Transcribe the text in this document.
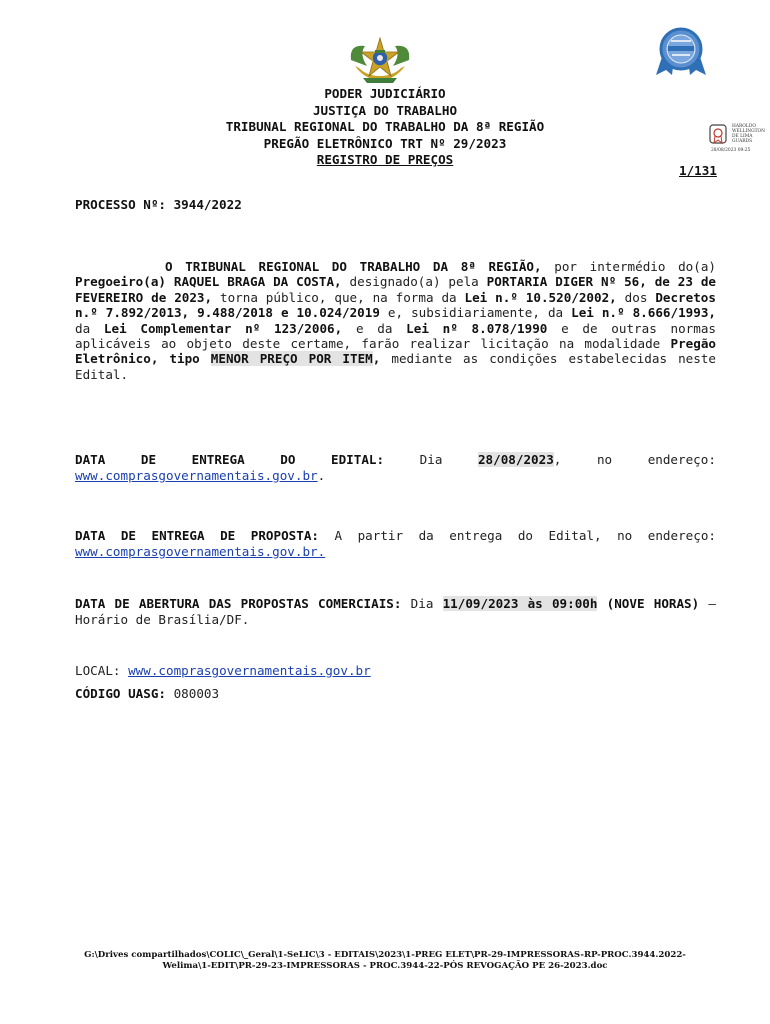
HAROLDO WELLINGTON DE LIMA GUARDS
28/08/2023 09:25
PODER JUDICIÁRIO
JUSTIÇA DO TRABALHO
TRIBUNAL REGIONAL DO TRABALHO DA 8ª REGIÃO
PREGÃO ELETRÔNICO TRT Nº 29/2023
REGISTRO DE PREÇOS
1/131
PROCESSO Nº: 3944/2022
O TRIBUNAL REGIONAL DO TRABALHO DA 8ª REGIÃO, por intermédio do(a) Pregoeiro(a) RAQUEL BRAGA DA COSTA, designado(a) pela PORTARIA DIGER Nº 56, de 23 de FEVEREIRO de 2023, torna público, que, na forma da Lei n.º 10.520/2002, dos Decretos n.º 7.892/2013, 9.488/2018 e 10.024/2019 e, subsidiariamente, da Lei n.º 8.666/1993, da Lei Complementar nº 123/2006, e da Lei nº 8.078/1990 e de outras normas aplicáveis ao objeto deste certame, farão realizar licitação na modalidade Pregão Eletrônico, tipo MENOR PREÇO POR ITEM, mediante as condições estabelecidas neste Edital.
DATA	DE	ENTREGA	DO	EDITAL:	Dia	28/08/2023,	no	endereço:
www.comprasgovernamentais.gov.br.
DATA DE ENTREGA DE PROPOSTA: A partir da entrega do Edital, no endereço: www.comprasgovernamentais.gov.br.
DATA DE ABERTURA DAS PROPOSTAS COMERCIAIS: Dia 11/09/2023 às 09:00h (NOVE HORAS) – Horário de Brasília/DF.
LOCAL: www.comprasgovernamentais.gov.br
CÓDIGO UASG: 080003
G:\Drives compartilhados\COLIC\_Geral\1-SeLIC\3 - EDITAIS\2023\1-PREG ELET\PR-29-IMPRESSORAS-RP-PROC.3944.2022-
Welima\1-EDIT\PR-29-23-IMPRESSORAS - PROC.3944-22-PÓS REVOGAÇÃO PE 26-2023.doc
